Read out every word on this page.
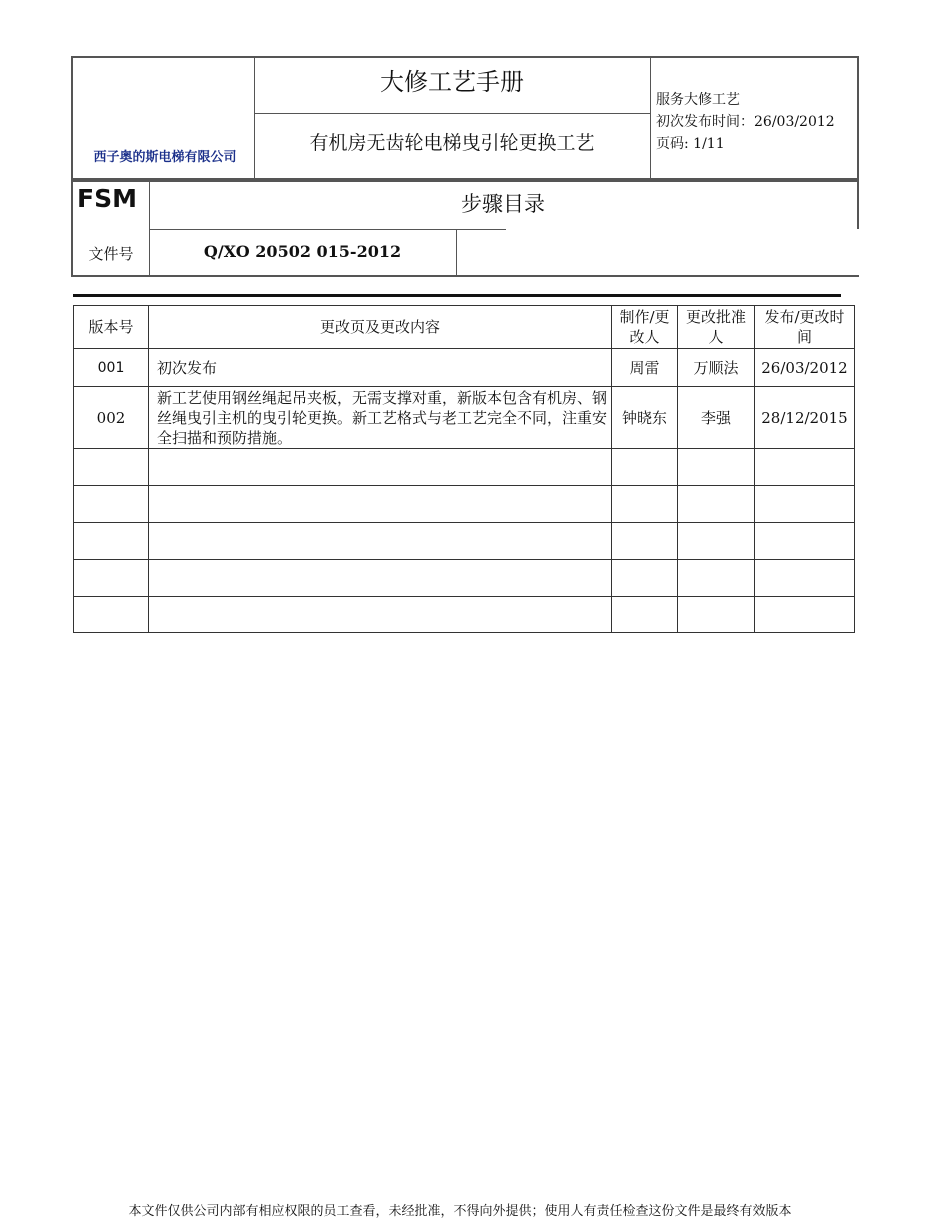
西子奥的斯电梯有限公司
大修工艺手册
有机房无齿轮电梯曳引轮更换工艺
服务大修工艺
初次发布时间：26/03/2012
页码: 1/11
FSM	步骤目录
文件号	Q/XO 20502 015-2012
版本号	更改页及更改内容	制作/更改人	更改批准人	发布/更改时间
001	初次发布	周雷	万顺法	26/03/2012
002	新工艺使用钢丝绳起吊夹板，无需支撑对重，新版本包含有机房、钢丝绳曳引主机的曳引轮更换。新工艺格式与老工艺完全不同，注重安全扫描和预防措施。	钟晓东	李强	28/12/2015

本文件仅供公司内部有相应权限的员工查看，未经批准，不得向外提供；使用人有责任检查这份文件是最终有效版本
